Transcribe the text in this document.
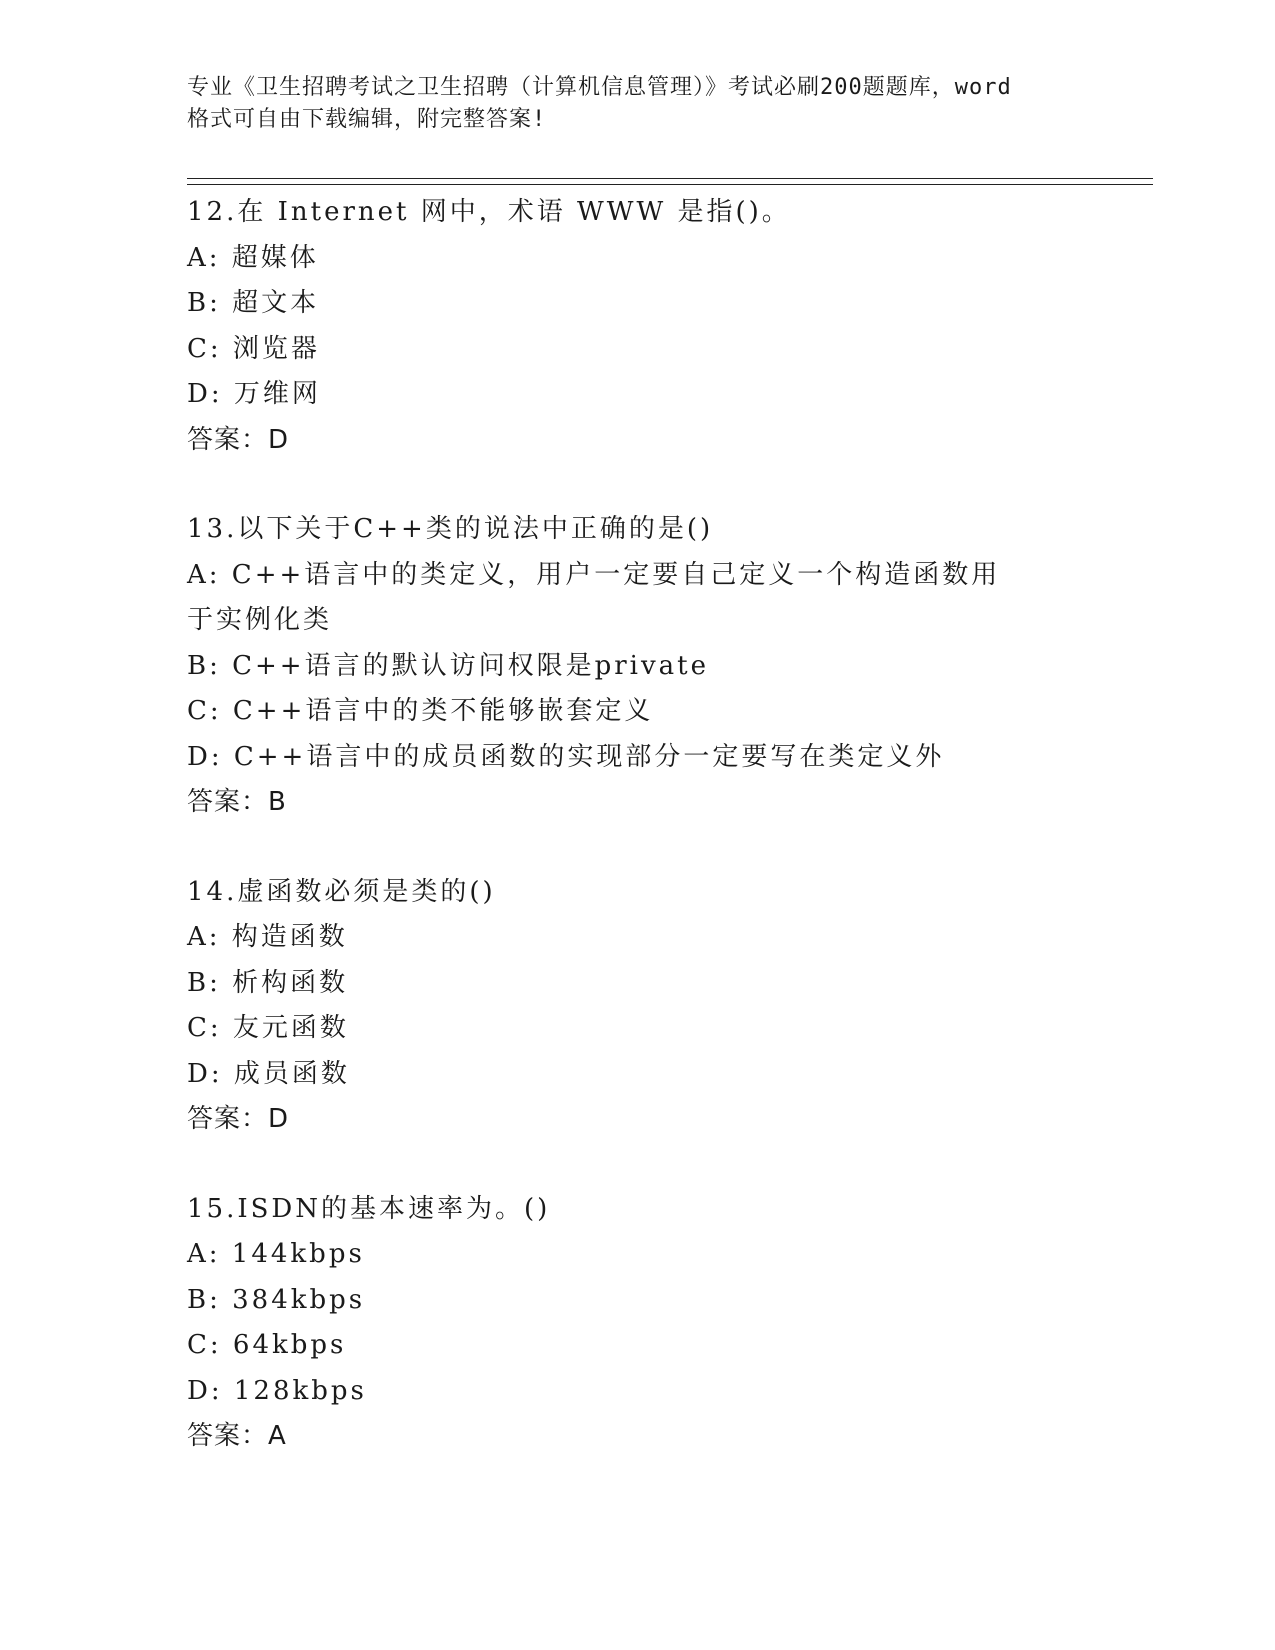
专业《卫生招聘考试之卫生招聘（计算机信息管理）》考试必刷200题题库，word
格式可自由下载编辑，附完整答案!
12.在 Internet 网中，术语 WWW 是指()。
A: 超媒体
B: 超文本
C: 浏览器
D: 万维网
答案：D
13.以下关于C++类的说法中正确的是()
A: C++语言中的类定义，用户一定要自己定义一个构造函数用于实例化类
B: C++语言的默认访问权限是private
C: C++语言中的类不能够嵌套定义
D: C++语言中的成员函数的实现部分一定要写在类定义外
答案：B
14.虚函数必须是类的()
A: 构造函数
B: 析构函数
C: 友元函数
D: 成员函数
答案：D
15.ISDN的基本速率为。()
A: 144kbps
B: 384kbps
C: 64kbps
D: 128kbps
答案：A
